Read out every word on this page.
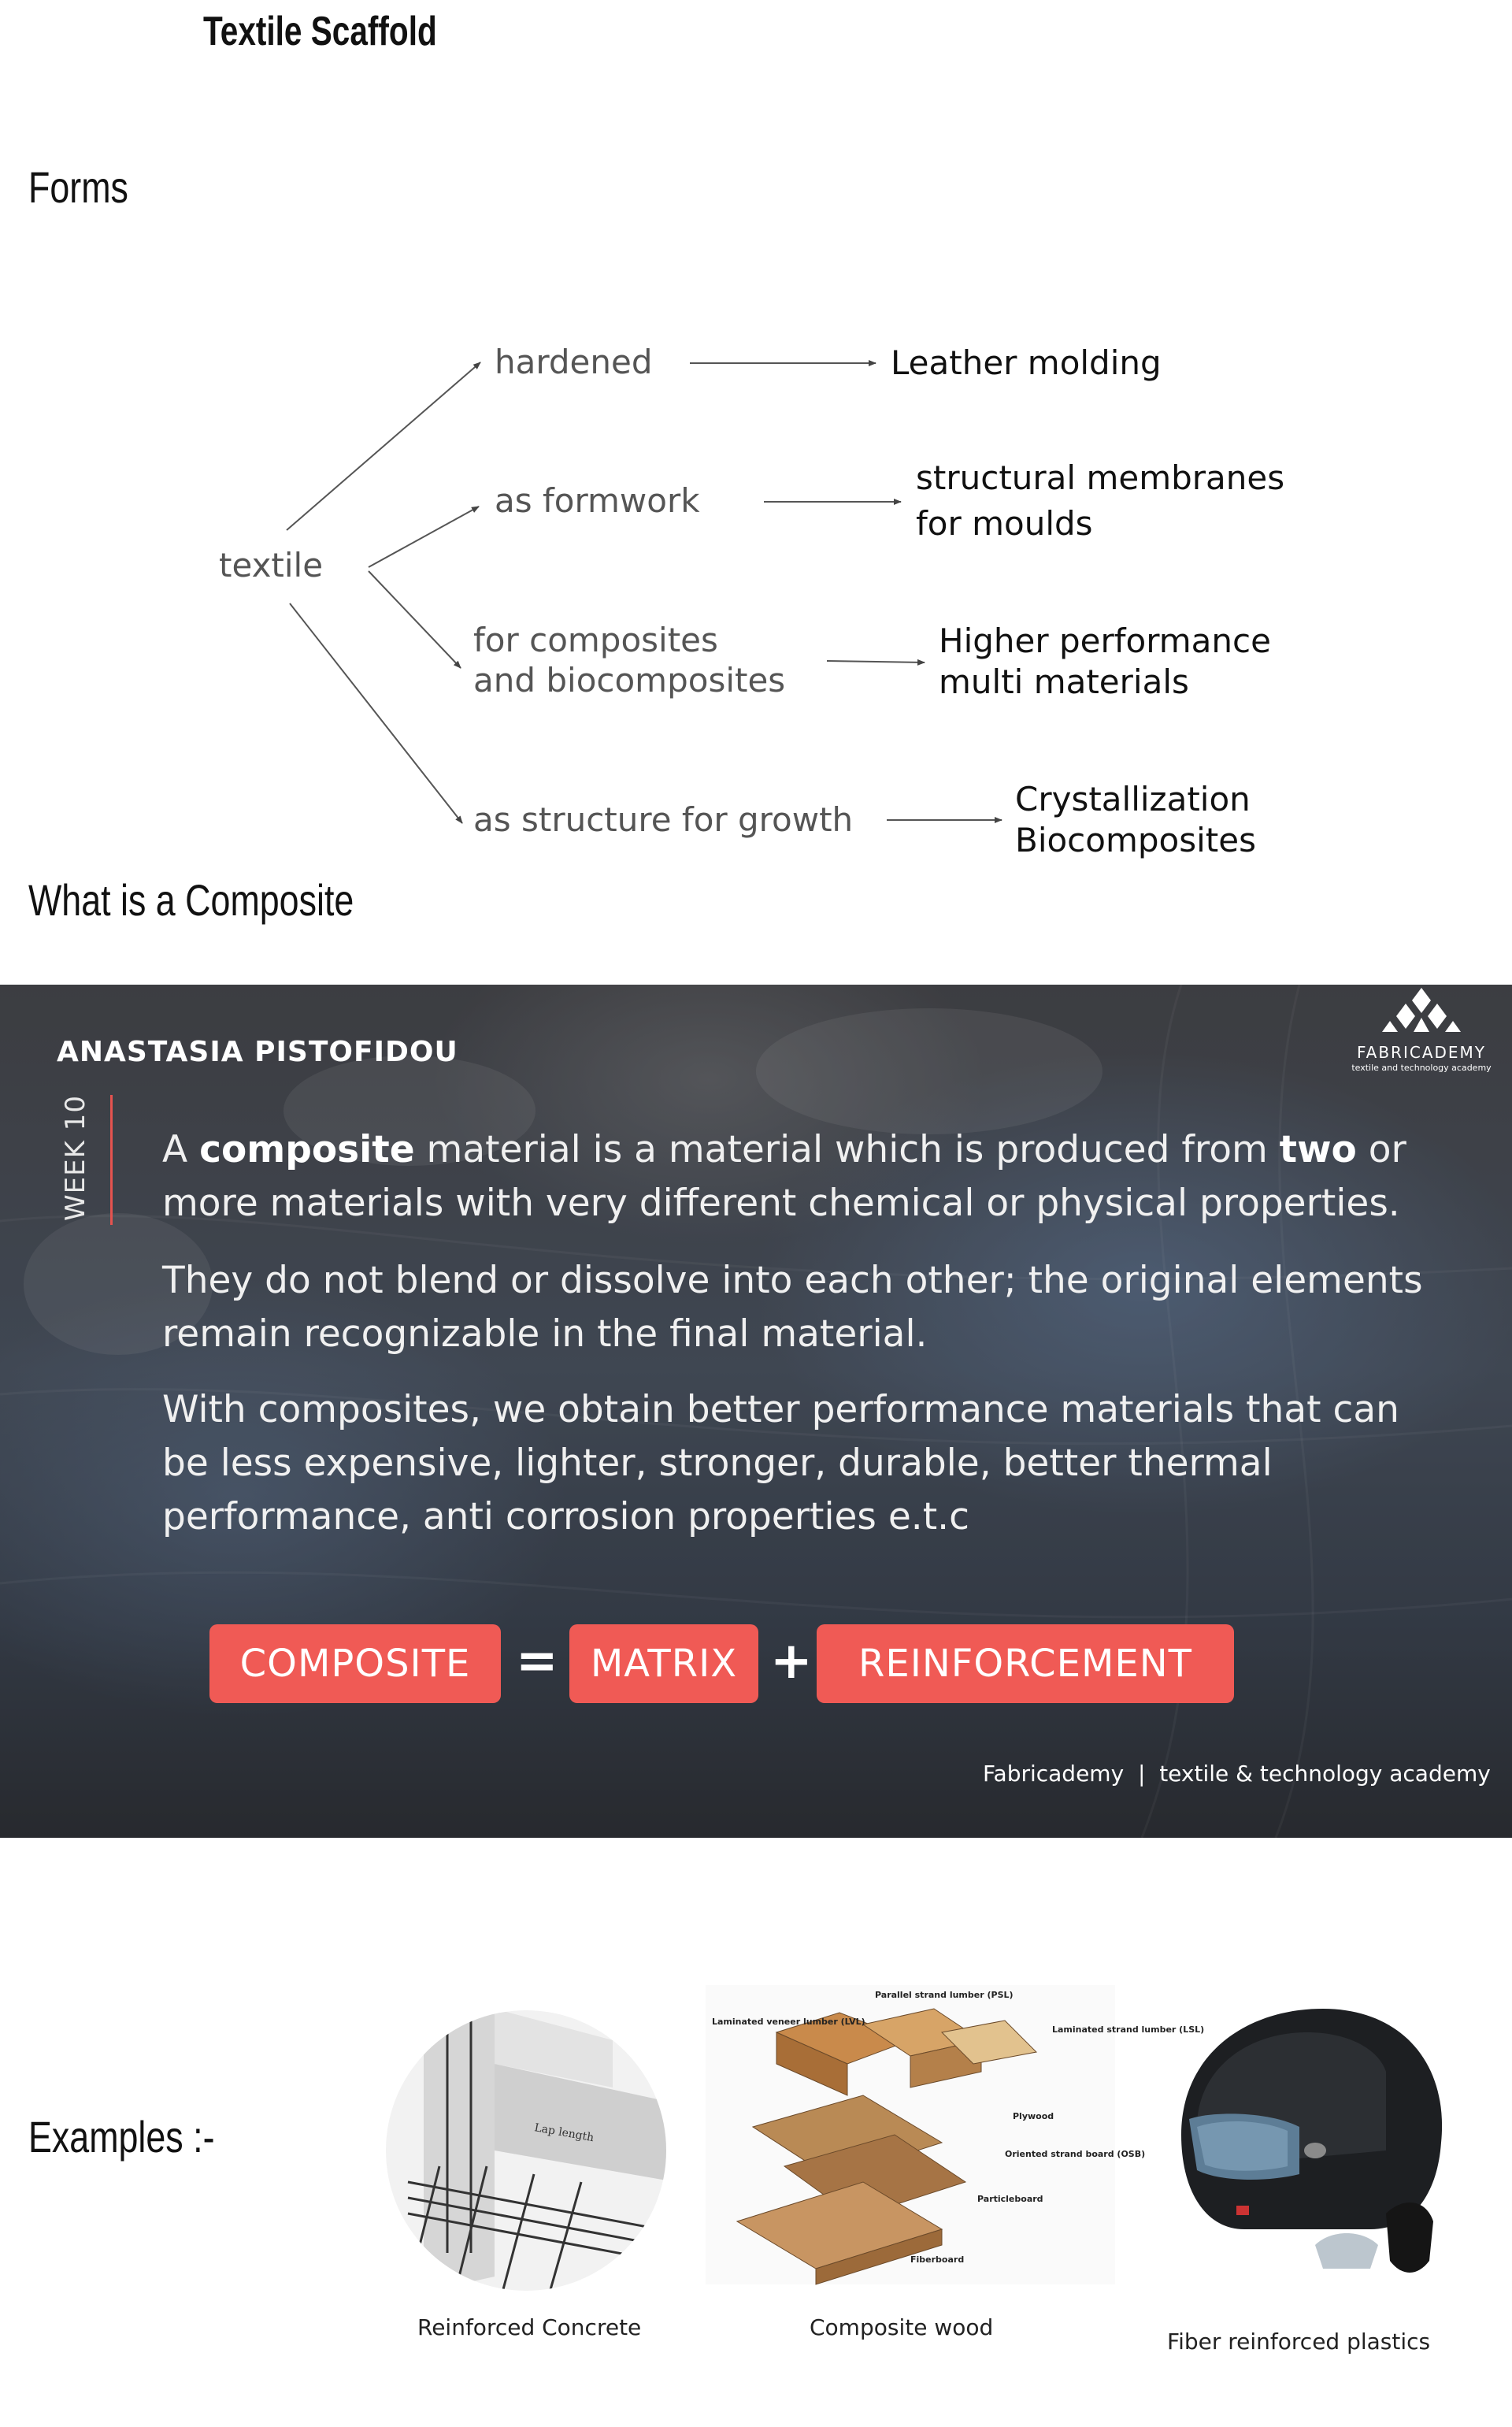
Textile Scaffold
Forms
textile
hardened	Leather molding
as formwork
structural membranes
for moulds
for composites
and biocomposites
Higher performance
multi materials
as structure for growth
Crystallization
Biocomposites
What is a Composite
ANASTASIA PISTOFIDOU	FABRICADEMY
textile and technology academy
WEEK 10 A composite material is a material which is produced from two or more materials with very different chemical or physical properties.
They do not blend or dissolve into each other; the original elements remain recognizable in the final material.
With composites, we obtain better performance materials that can be less expensive, lighter, stronger, durable, better thermal performance, anti corrosion properties e.t.c
COMPOSITE = MATRIX +	REINFORCEMENT
Fabricademy  |  textile & technology academy
Examples :-	Lap length
Reinforced Concrete
Parallel strand lumber (PSL)
Laminated veneer lumber (LVL)
Laminated strand lumber (LSL)
Plywood
Oriented strand board (OSB)
Particleboard
Fiberboard
Composite wood
Fiber reinforced plastics
